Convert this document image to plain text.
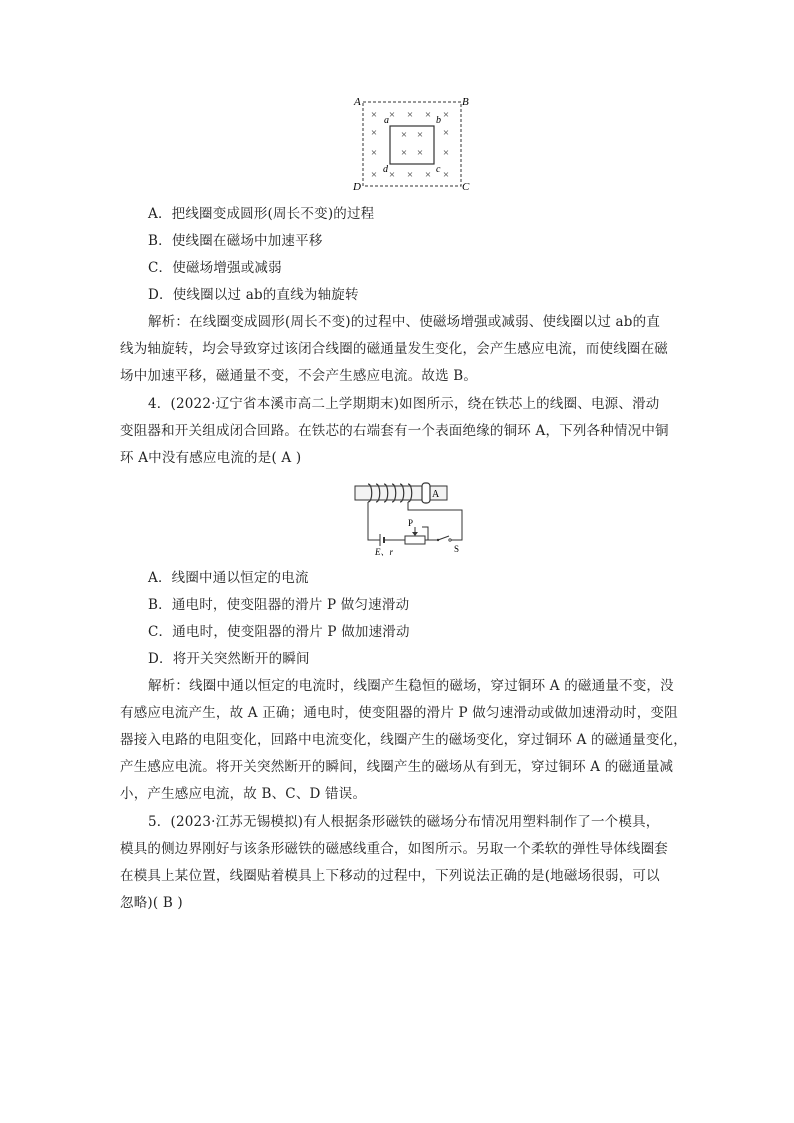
× × × × ×
×	×
×	×
× × × × ×
× ×
× ×
A	B
C
D
a	b
c
d
A．把线圈变成圆形(周长不变)的过程
B．使线圈在磁场中加速平移
C．使磁场增强或减弱
D．使线圈以过 ab的直线为轴旋转
解析：在线圈变成圆形(周长不变)的过程中、使磁场增强或减弱、使线圈以过 ab的直
线为轴旋转，均会导致穿过该闭合线圈的磁通量发生变化，会产生感应电流，而使线圈在磁
场中加速平移，磁通量不变，不会产生感应电流。故选 B。
4．(2022·辽宁省本溪市高二上学期期末)如图所示，绕在铁芯上的线圈、电源、滑动
变阻器和开关组成闭合回路。在铁芯的右端套有一个表面绝缘的铜环 A，下列各种情况中铜
环 A中没有感应电流的是( A )
A
P
E、r	S
A．线圈中通以恒定的电流
B．通电时，使变阻器的滑片 P 做匀速滑动
C．通电时，使变阻器的滑片 P 做加速滑动
D．将开关突然断开的瞬间
解析：线圈中通以恒定的电流时，线圈产生稳恒的磁场，穿过铜环 A 的磁通量不变，没
有感应电流产生，故 A 正确；通电时，使变阻器的滑片 P 做匀速滑动或做加速滑动时，变阻
器接入电路的电阻变化，回路中电流变化，线圈产生的磁场变化，穿过铜环 A 的磁通量变化，
产生感应电流。将开关突然断开的瞬间，线圈产生的磁场从有到无，穿过铜环 A 的磁通量减
小，产生感应电流，故 B、C、D 错误。
5．(2023·江苏无锡模拟)有人根据条形磁铁的磁场分布情况用塑料制作了一个模具，
模具的侧边界刚好与该条形磁铁的磁感线重合，如图所示。另取一个柔软的弹性导体线圈套
在模具上某位置，线圈贴着模具上下移动的过程中，下列说法正确的是(地磁场很弱，可以
忽略)( B )
